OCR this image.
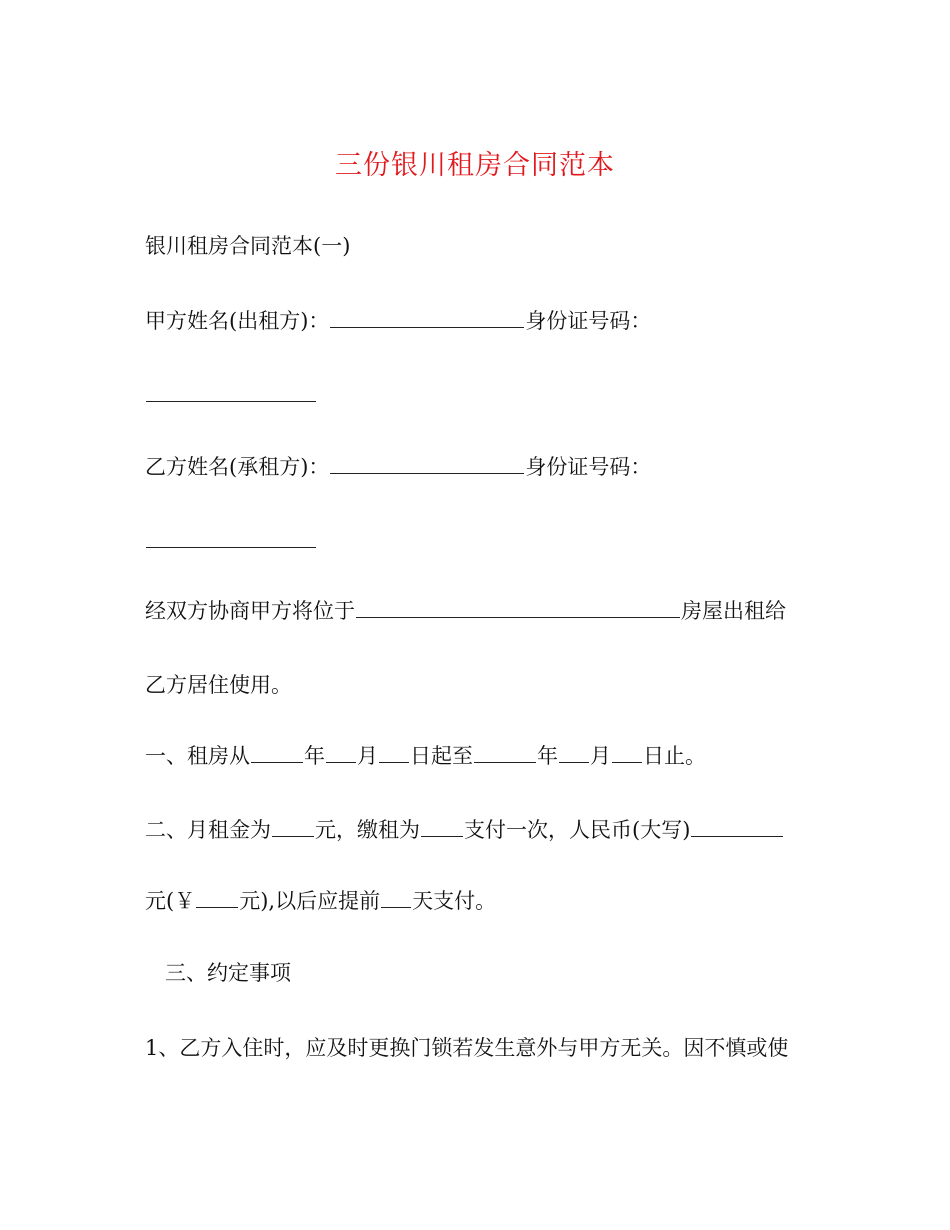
三份银川租房合同范本
银川租房合同范本(一)
甲方姓名(出租方)：	身份证号码：
乙方姓名(承租方)：	身份证号码：
经双方协商甲方将位于	房屋出租给
乙方居住使用。
一、租房从	年 月 日起至	年 月 日止。
二、月租金为 元，缴租为 支付一次，人民币(大写)
元(￥ 元),以后应提前 天支付。
三、约定事项
1、乙方入住时，应及时更换门锁若发生意外与甲方无关。因不慎或使
